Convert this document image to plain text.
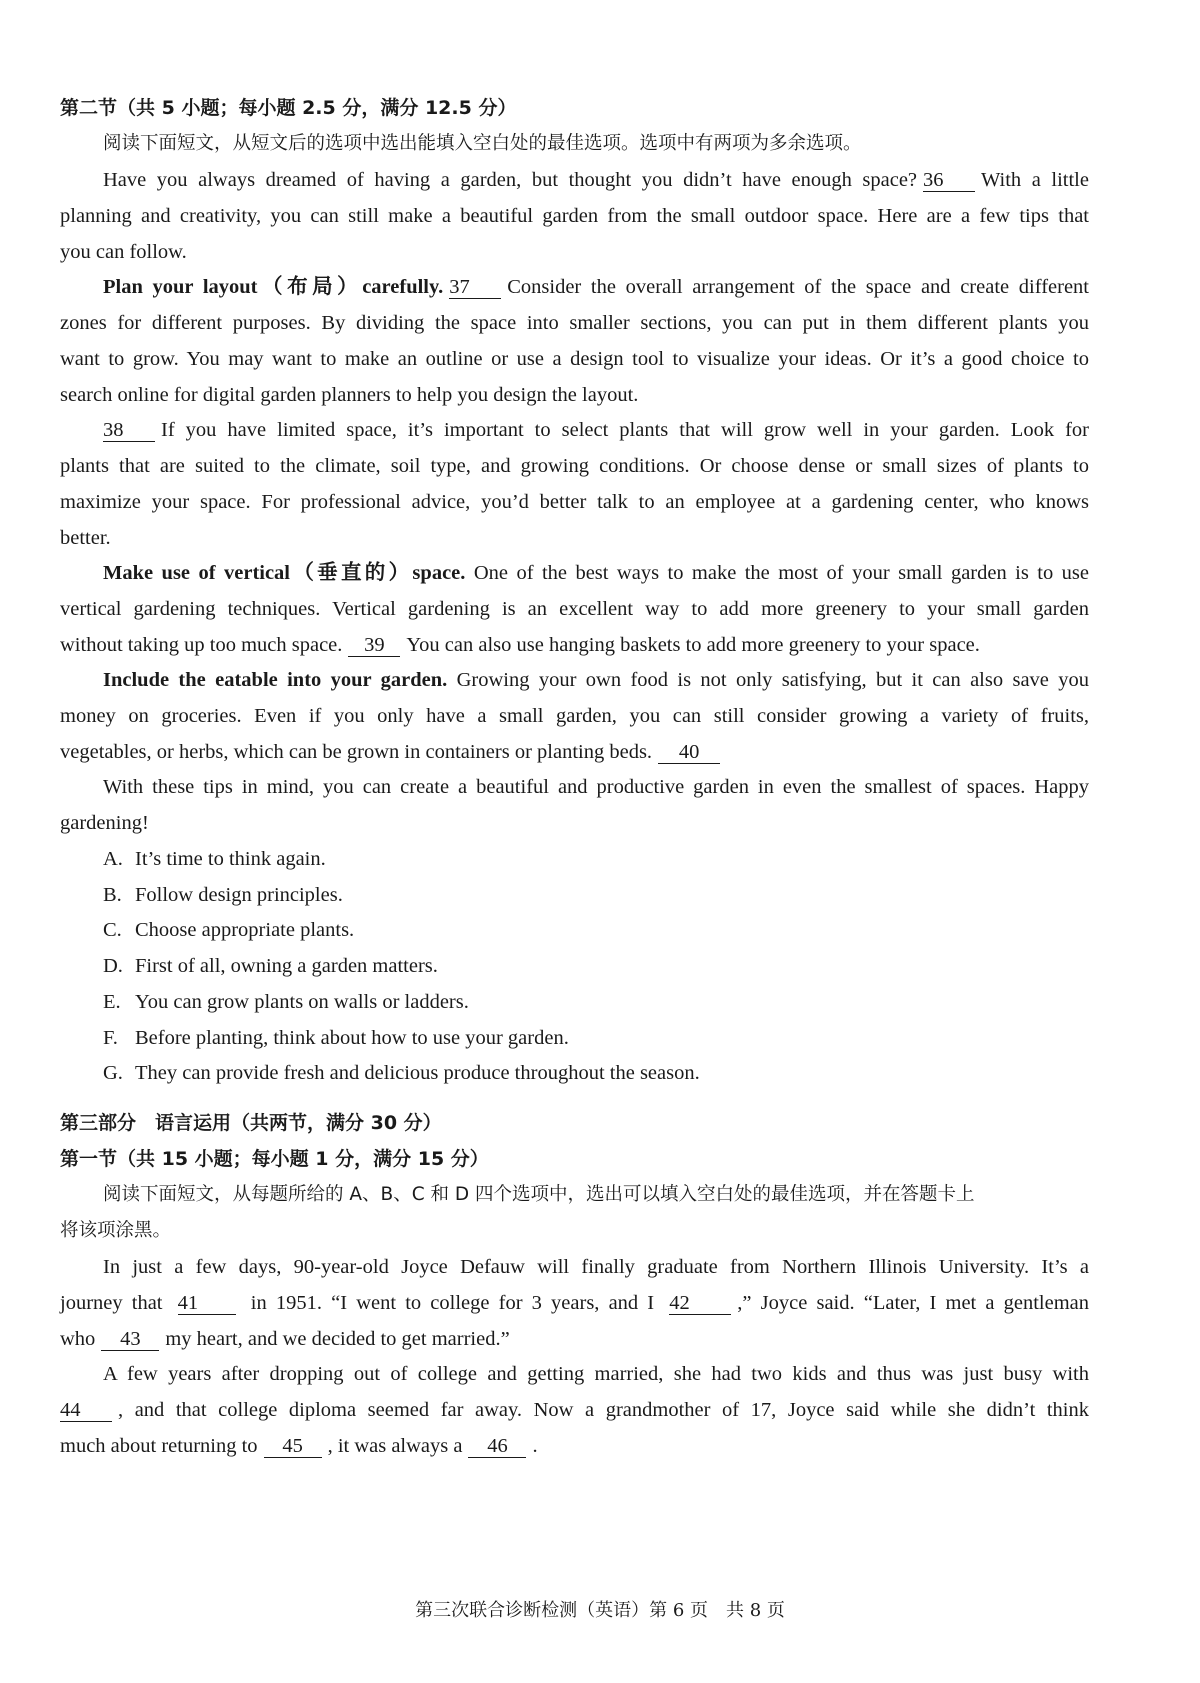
第二节（共 5 小题；每小题 2.5 分，满分 12.5 分）
阅读下面短文，从短文后的选项中选出能填入空白处的最佳选项。选项中有两项为多余选项。
Have you always dreamed of having a garden, but thought you didn’t have enough space? 36 With a little
planning and creativity, you can still make a beautiful garden from the small outdoor space. Here are a few tips that
you can follow.
Plan your layout（布局）carefully. 37 Consider the overall arrangement of the space and create different
zones for different purposes. By dividing the space into smaller sections, you can put in them different plants you
want to grow. You may want to make an outline or use a design tool to visualize your ideas. Or it’s a good choice to
search online for digital garden planners to help you design the layout.
38 If you have limited space, it’s important to select plants that will grow well in your garden. Look for
plants that are suited to the climate, soil type, and growing conditions. Or choose dense or small sizes of plants to
maximize your space. For professional advice, you’d better talk to an employee at a gardening center, who knows
better.
Make use of vertical（垂直的）space. One of the best ways to make the most of your small garden is to use
vertical gardening techniques. Vertical gardening is an excellent way to add more greenery to your small garden
without taking up too much space. 39 You can also use hanging baskets to add more greenery to your space.
Include the eatable into your garden. Growing your own food is not only satisfying, but it can also save you
money on groceries. Even if you only have a small garden, you can still consider growing a variety of fruits,
vegetables, or herbs, which can be grown in containers or planting beds. 40
With these tips in mind, you can create a beautiful and productive garden in even the smallest of spaces. Happy
gardening!
A. It’s time to think again.
B. Follow design principles.
C. Choose appropriate plants.
D. First of all, owning a garden matters.
E. You can grow plants on walls or ladders.
F. Before planting, think about how to use your garden.
G. They can provide fresh and delicious produce throughout the season.
第三部分　语言运用（共两节，满分 30 分）
第一节（共 15 小题；每小题 1 分，满分 15 分）
阅读下面短文，从每题所给的 A、B、C 和 D 四个选项中，选出可以填入空白处的最佳选项，并在答题卡上
将该项涂黑。
In just a few days, 90-year-old Joyce Defauw will finally graduate from Northern Illinois University. It’s a
journey that 41	in 1951. “I went to college for 3 years, and I 42 ,” Joyce said. “Later, I met a gentleman
who 43 my heart, and we decided to get married.”
A few years after dropping out of college and getting married, she had two kids and thus was just busy with
44 , and that college diploma seemed far away. Now a grandmother of 17, Joyce said while she didn’t think
much about returning to 45 , it was always a 46 .
第三次联合诊断检测（英语）第 6 页　共 8 页
